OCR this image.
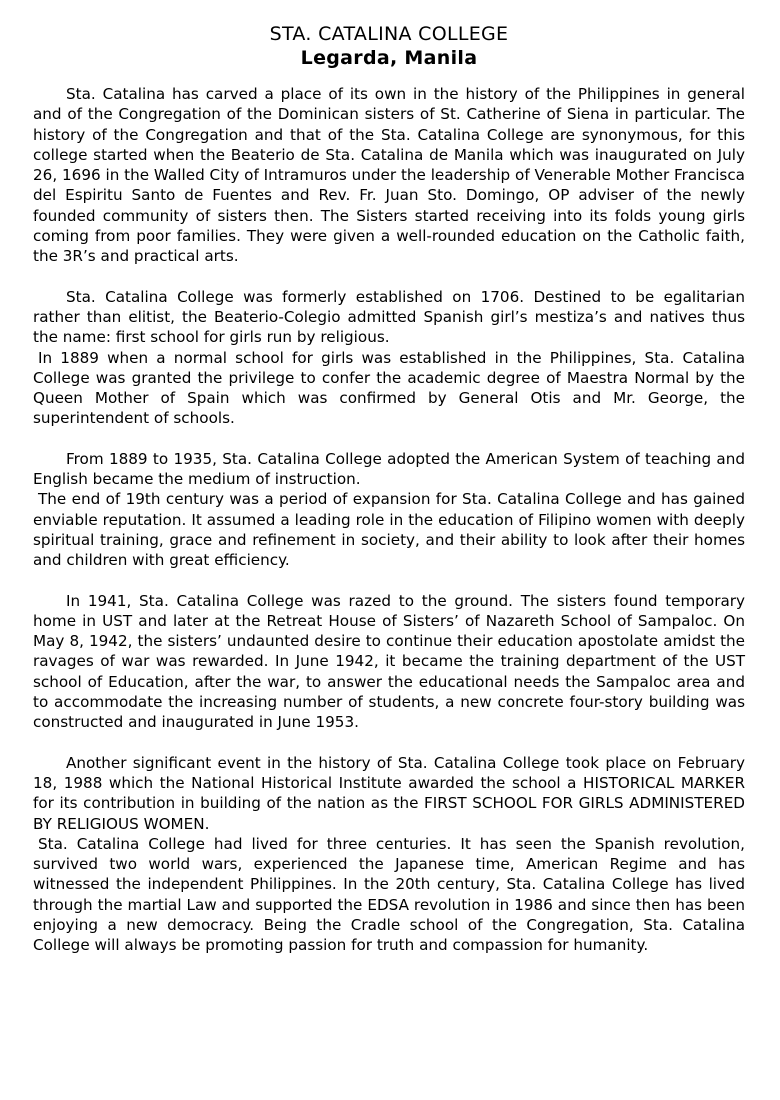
STA. CATALINA COLLEGE
Legarda, Manila

Sta. Catalina has carved a place of its own in the history of the Philippines in general and of the Congregation of the Dominican sisters of St. Catherine of Siena in particular. The history of the Congregation and that of the Sta. Catalina College are synonymous, for this college started when the Beaterio de Sta. Catalina de Manila which was inaugurated on July 26, 1696 in the Walled City of Intramuros under the leadership of Venerable Mother Francisca del Espiritu Santo de Fuentes and Rev. Fr. Juan Sto. Domingo, OP adviser of the newly founded community of sisters then. The Sisters started receiving into its folds young girls coming from poor families. They were given a well-rounded education on the Catholic faith, the 3R’s and practical arts.

Sta. Catalina College was formerly established on 1706. Destined to be egalitarian rather than elitist, the Beaterio-Colegio admitted Spanish girl’s mestiza’s and natives thus the name: first school for girls run by religious.

In 1889 when a normal school for girls was established in the Philippines, Sta. Catalina College was granted the privilege to confer the academic degree of Maestra Normal by the Queen Mother of Spain which was confirmed by General Otis and Mr. George, the superintendent of schools.

From 1889 to 1935, Sta. Catalina College adopted the American System of teaching and English became the medium of instruction.

The end of 19th century was a period of expansion for Sta. Catalina College and has gained enviable reputation. It assumed a leading role in the education of Filipino women with deeply spiritual training, grace and refinement in society, and their ability to look after their homes and children with great efficiency.

In 1941, Sta. Catalina College was razed to the ground. The sisters found temporary home in UST and later at the Retreat House of Sisters’ of Nazareth School of Sampaloc. On May 8, 1942, the sisters’ undaunted desire to continue their education apostolate amidst the ravages of war was rewarded. In June 1942, it became the training department of the UST school of Education, after the war, to answer the educational needs the Sampaloc area and to accommodate the increasing number of students, a new concrete four-story building was constructed and inaugurated in June 1953.

Another significant event in the history of Sta. Catalina College took place on February 18, 1988 which the National Historical Institute awarded the school a HISTORICAL MARKER for its contribution in building of the nation as the FIRST SCHOOL FOR GIRLS ADMINISTERED BY RELIGIOUS WOMEN.

Sta. Catalina College had lived for three centuries. It has seen the Spanish revolution, survived two world wars, experienced the Japanese time, American Regime and has witnessed the independent Philippines. In the 20th century, Sta. Catalina College has lived through the martial Law and supported the EDSA revolution in 1986 and since then has been enjoying a new democracy. Being the Cradle school of the Congregation, Sta. Catalina College will always be promoting passion for truth and compassion for humanity.
